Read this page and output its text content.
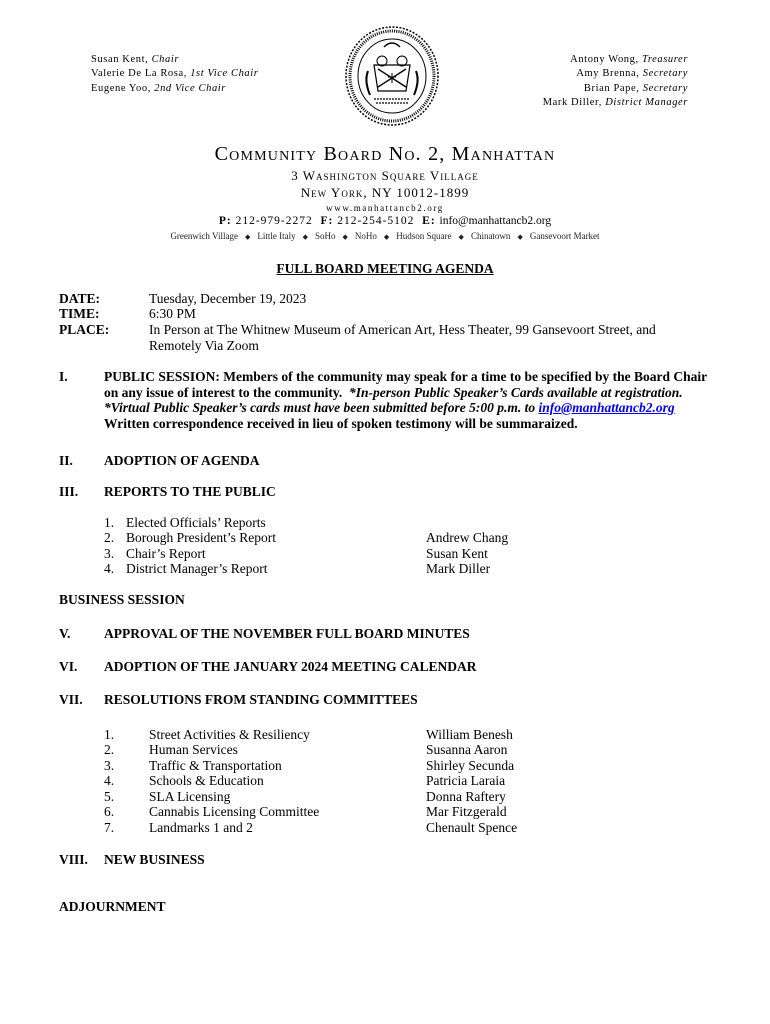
Susan Kent, Chair
Valerie De La Rosa, 1st Vice Chair
Eugene Yoo, 2nd Vice Chair
Antony Wong, Treasurer
Amy Brenna, Secretary
Brian Pape, Secretary
Mark Diller, District Manager
Community Board No. 2, Manhattan
3 Washington Square Village
New York, NY 10012-1899
www.manhattancb2.org
P: 212-979-2272 F: 212-254-5102 E: info@manhattancb2.org
Greenwich Village ◆ Little Italy ◆ SoHo ◆ NoHo ◆ Hudson Square ◆ Chinatown ◆ Gansevoort Market
FULL BOARD MEETING AGENDA
DATE:	Tuesday, December 19, 2023
TIME:	6:30 PM
PLACE:	In Person at The Whitnew Museum of American Art, Hess Theater, 99 Gansevoort Street, and
Remotely Via Zoom
I.	PUBLIC SESSION: Members of the community may speak for a time to be specified by the Board Chair
on any issue of interest to the community. *In-person Public Speaker’s Cards available at registration.
*Virtual Public Speaker’s cards must have been submitted before 5:00 p.m. to info@manhattancb2.org
Written correspondence received in lieu of spoken testimony will be summaraized.
II. ADOPTION OF AGENDA
III. REPORTS TO THE PUBLIC
1. Elected Officials’ Reports
2. Borough President’s Report	Andrew Chang
3. Chair’s Report	Susan Kent
4. District Manager’s Report	Mark Diller
BUSINESS SESSION
V. APPROVAL OF THE NOVEMBER FULL BOARD MINUTES
VI. ADOPTION OF THE JANUARY 2024 MEETING CALENDAR
VII. RESOLUTIONS FROM STANDING COMMITTEES
1.	Street Activities & Resiliency	William Benesh
2.	Human Services	Susanna Aaron
3.	Traffic & Transportation	Shirley Secunda
4.	Schools & Education	Patricia Laraia
5.	SLA Licensing	Donna Raftery
6.	Cannabis Licensing Committee	Mar Fitzgerald
7.	Landmarks 1 and 2	Chenault Spence
VIII. NEW BUSINESS
ADJOURNMENT
